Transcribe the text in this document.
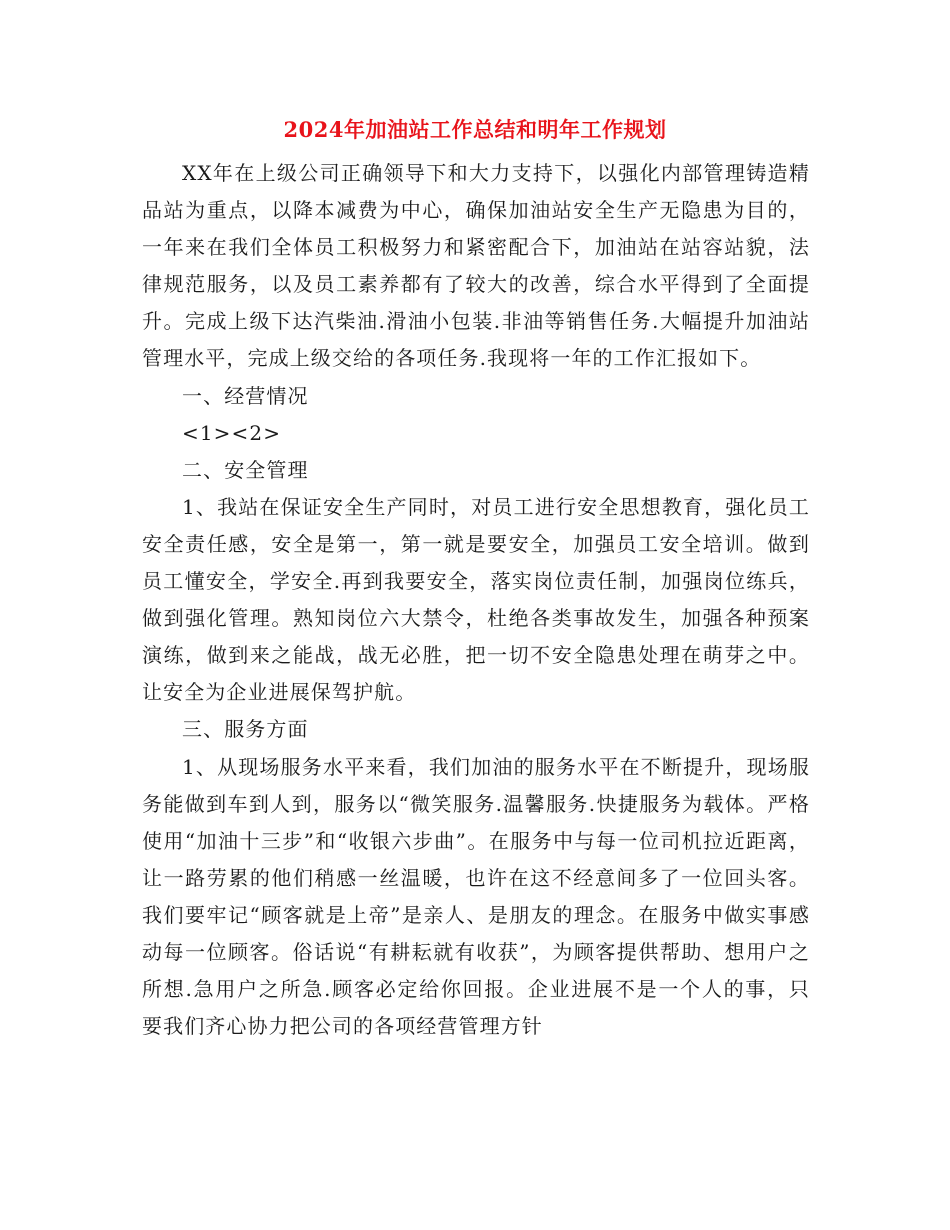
2024年加油站工作总结和明年工作规划

XX年在上级公司正确领导下和大力支持下，以强化内部管理铸造精品站为重点，以降本减费为中心，确保加油站安全生产无隐患为目的，一年来在我们全体员工积极努力和紧密配合下，加油站在站容站貌，法律规范服务，以及员工素养都有了较大的改善，综合水平得到了全面提升。完成上级下达汽柴油.滑油小包装.非油等销售任务.大幅提升加油站管理水平，完成上级交给的各项任务.我现将一年的工作汇报如下。

一、经营情况

<1><2>

二、安全管理

1、我站在保证安全生产同时，对员工进行安全思想教育，强化员工安全责任感，安全是第一，第一就是要安全，加强员工安全培训。做到员工懂安全，学安全.再到我要安全，落实岗位责任制，加强岗位练兵，做到强化管理。熟知岗位六大禁令，杜绝各类事故发生，加强各种预案演练，做到来之能战，战无必胜，把一切不安全隐患处理在萌芽之中。让安全为企业进展保驾护航。

三、服务方面

1、从现场服务水平来看，我们加油的服务水平在不断提升，现场服务能做到车到人到，服务以“微笑服务.温馨服务.快捷服务为载体。严格使用“加油十三步”和“收银六步曲”。在服务中与每一位司机拉近距离，让一路劳累的他们稍感一丝温暖，也许在这不经意间多了一位回头客。我们要牢记“顾客就是上帝”是亲人、是朋友的理念。在服务中做实事感动每一位顾客。俗话说“有耕耘就有收获”，为顾客提供帮助、想用户之所想.急用户之所急.顾客必定给你回报。企业进展不是一个人的事，只要我们齐心协力把公司的各项经营管理方针
